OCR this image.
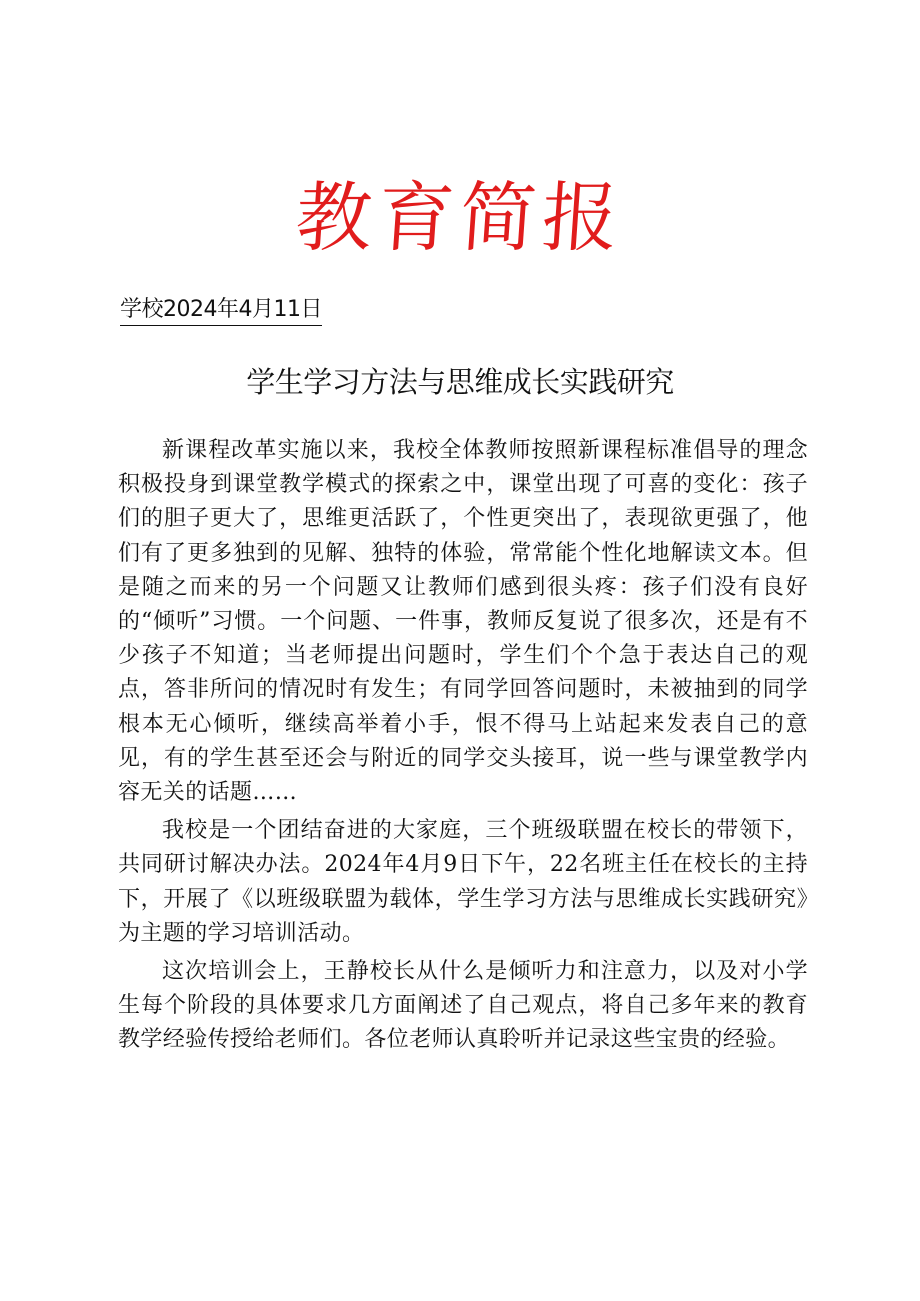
教育简报
学校2024年4月11日
学生学习方法与思维成长实践研究

新课程改革实施以来，我校全体教师按照新课程标准倡导的理念积极投身到课堂教学模式的探索之中，课堂出现了可喜的变化：孩子们的胆子更大了，思维更活跃了，个性更突出了，表现欲更强了，他们有了更多独到的见解、独特的体验，常常能个性化地解读文本。但是随之而来的另一个问题又让教师们感到很头疼：孩子们没有良好的“倾听”习惯。一个问题、一件事，教师反复说了很多次，还是有不少孩子不知道；当老师提出问题时，学生们个个急于表达自己的观点，答非所问的情况时有发生；有同学回答问题时，未被抽到的同学根本无心倾听，继续高举着小手，恨不得马上站起来发表自己的意见，有的学生甚至还会与附近的同学交头接耳，说一些与课堂教学内容无关的话题……

我校是一个团结奋进的大家庭，三个班级联盟在校长的带领下，共同研讨解决办法。2024年4月9日下午，22名班主任在校长的主持下，开展了《以班级联盟为载体，学生学习方法与思维成长实践研究》为主题的学习培训活动。

这次培训会上，王静校长从什么是倾听力和注意力，以及对小学生每个阶段的具体要求几方面阐述了自己观点，将自己多年来的教育教学经验传授给老师们。各位老师认真聆听并记录这些宝贵的经验。
